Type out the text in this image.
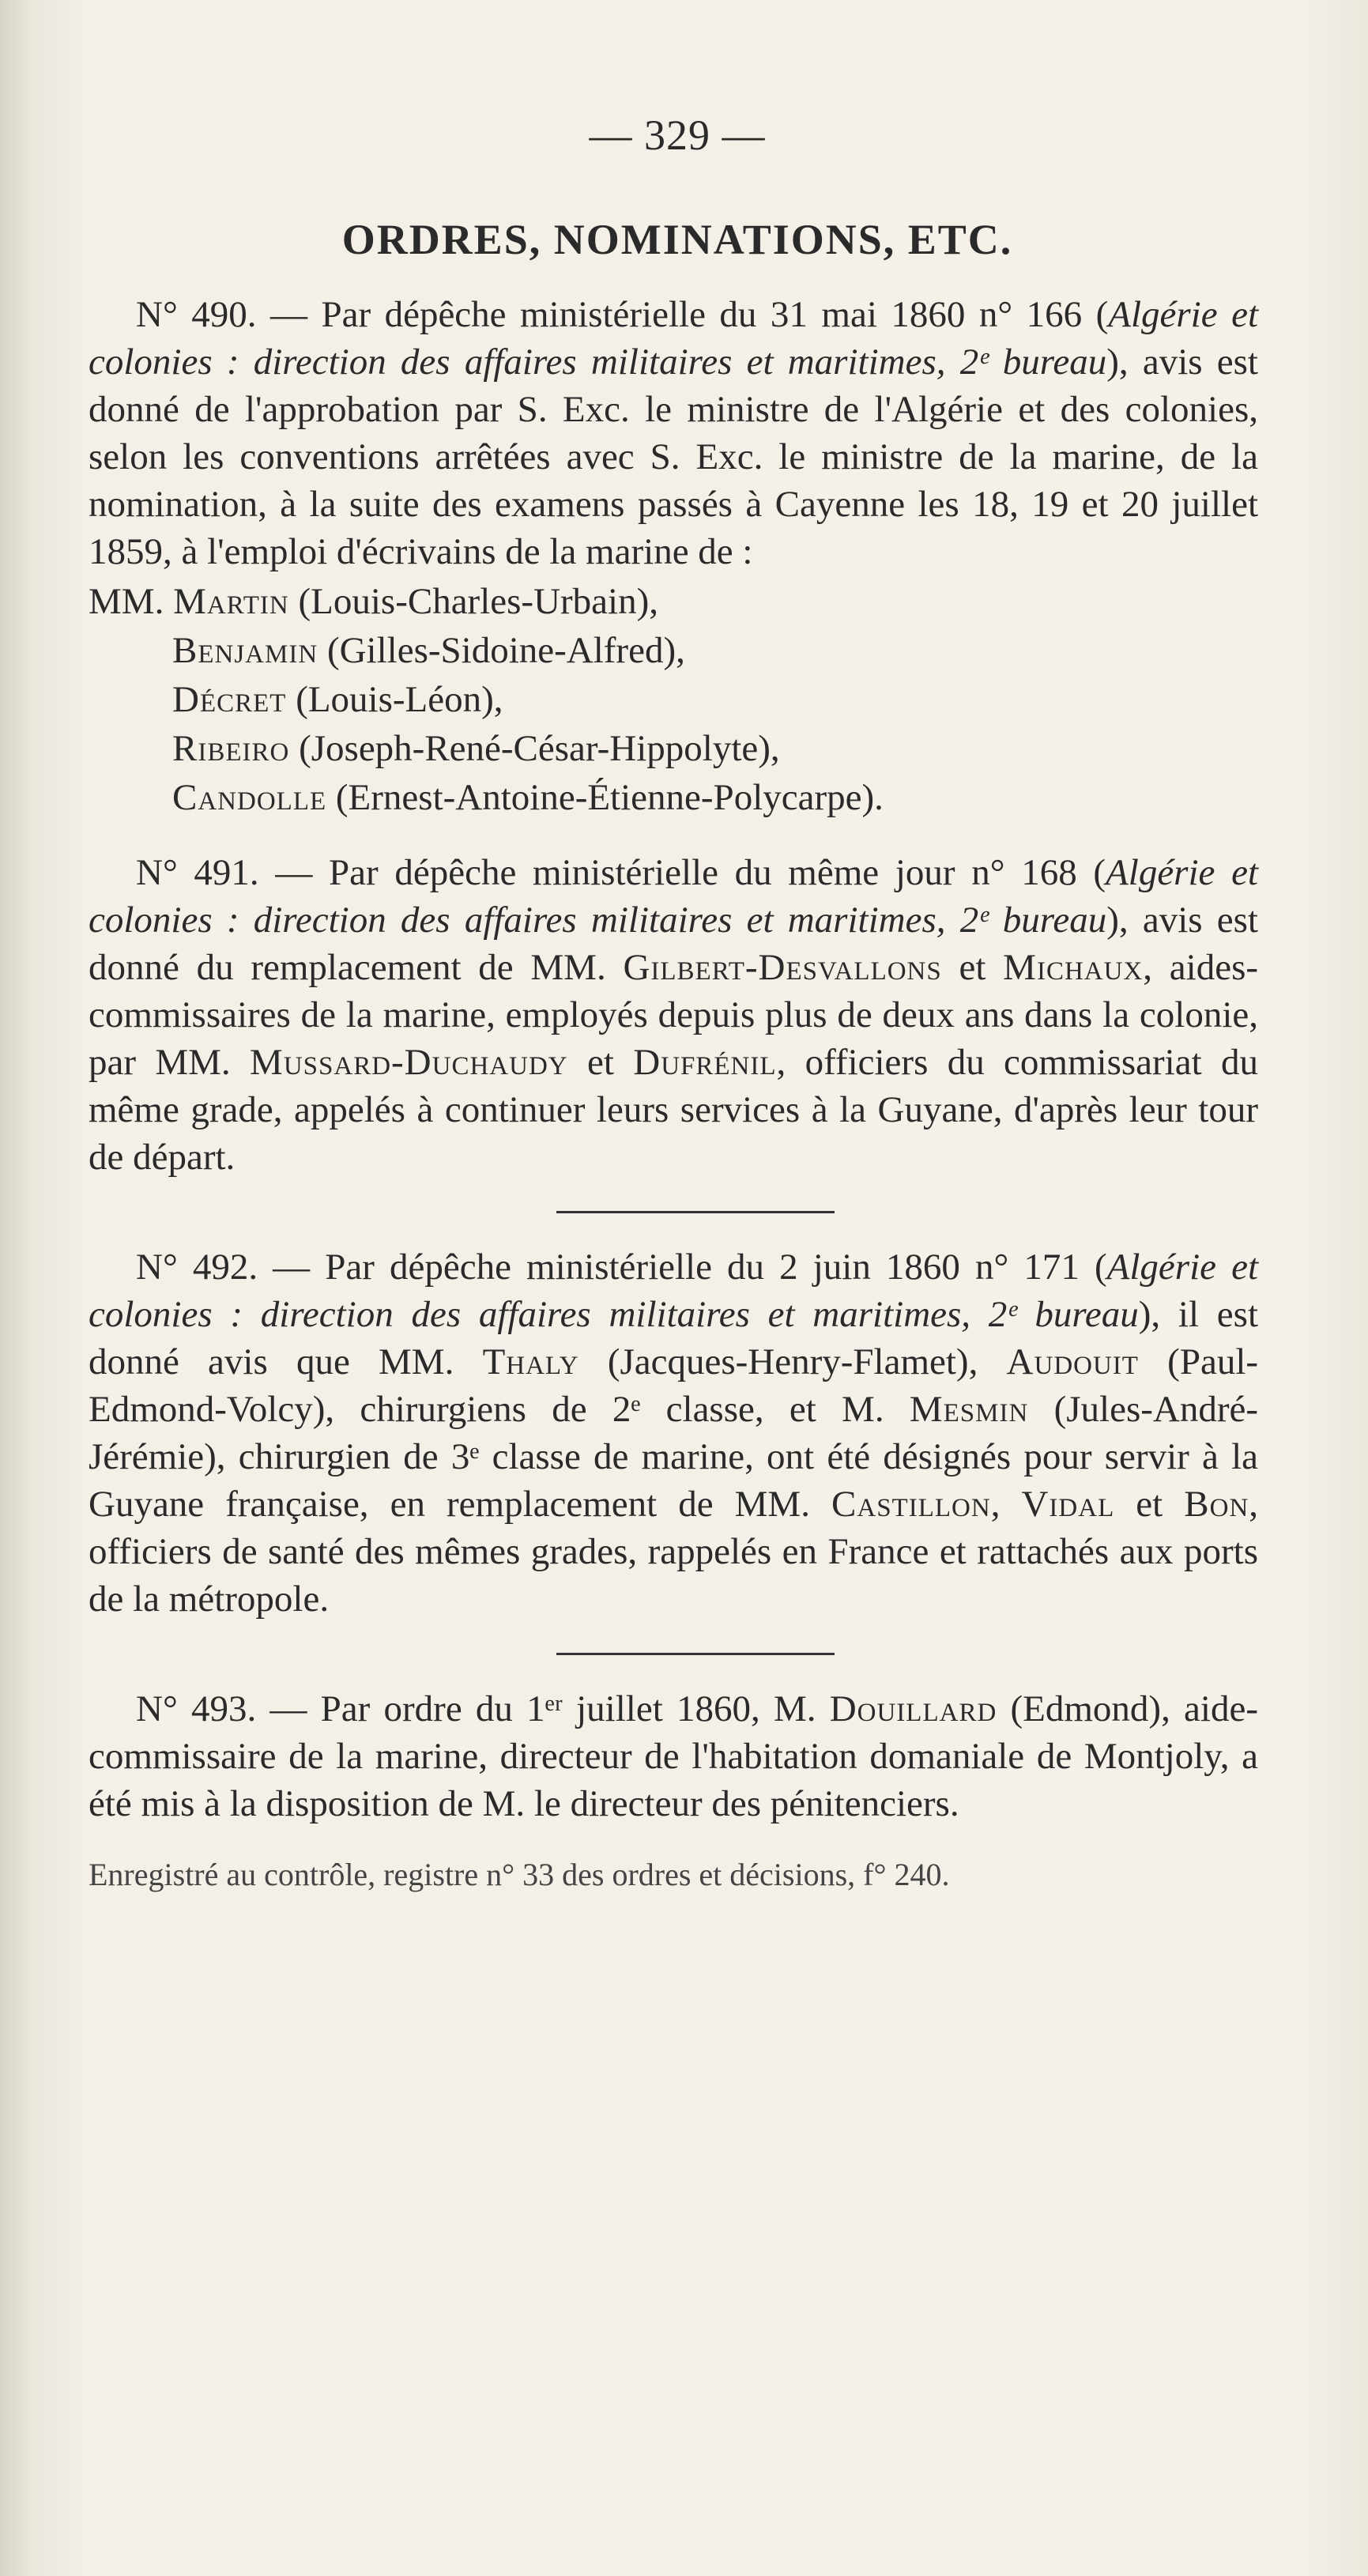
— 329 —
ORDRES, NOMINATIONS, ETC.

N° 490. — Par dépêche ministérielle du 31 mai 1860 n° 166 (Algérie et colonies : direction des affaires militaires et maritimes, 2ᵉ bureau), avis est donné de l'approbation par S. Exc. le ministre de l'Algérie et des colonies, selon les conventions arrêtées avec S. Exc. le ministre de la marine, de la nomination, à la suite des examens passés à Cayenne les 18, 19 et 20 juillet 1859, à l'emploi d'écrivains de la marine de :

MM. Martin (Louis-Charles-Urbain),
Benjamin (Gilles-Sidoine-Alfred),
Décret (Louis-Léon),
Ribeiro (Joseph-René-César-Hippolyte),
Candolle (Ernest-Antoine-Étienne-Polycarpe).

N° 491. — Par dépêche ministérielle du même jour n° 168 (Algérie et colonies : direction des affaires militaires et maritimes, 2ᵉ bureau), avis est donné du remplacement de MM. Gilbert-Desvallons et Michaux, aides-commissaires de la marine, employés depuis plus de deux ans dans la colonie, par MM. Mussard-Duchaudy et Dufrénil, officiers du commissariat du même grade, appelés à continuer leurs services à la Guyane, d'après leur tour de départ.

N° 492. — Par dépêche ministérielle du 2 juin 1860 n° 171 (Algérie et colonies : direction des affaires militaires et maritimes, 2ᵉ bureau), il est donné avis que MM. Thaly (Jacques-Henry-Flamet), Audouit (Paul-Edmond-Volcy), chirurgiens de 2ᵉ classe, et M. Mesmin (Jules-André-Jérémie), chirurgien de 3ᵉ classe de marine, ont été désignés pour servir à la Guyane française, en remplacement de MM. Castillon, Vidal et Bon, officiers de santé des mêmes grades, rappelés en France et rattachés aux ports de la métropole.

N° 493. — Par ordre du 1ᵉʳ juillet 1860, M. Douillard (Edmond), aide-commissaire de la marine, directeur de l'habitation domaniale de Montjoly, a été mis à la disposition de M. le directeur des pénitenciers.

Enregistré au contrôle, registre n° 33 des ordres et décisions, f° 240.
